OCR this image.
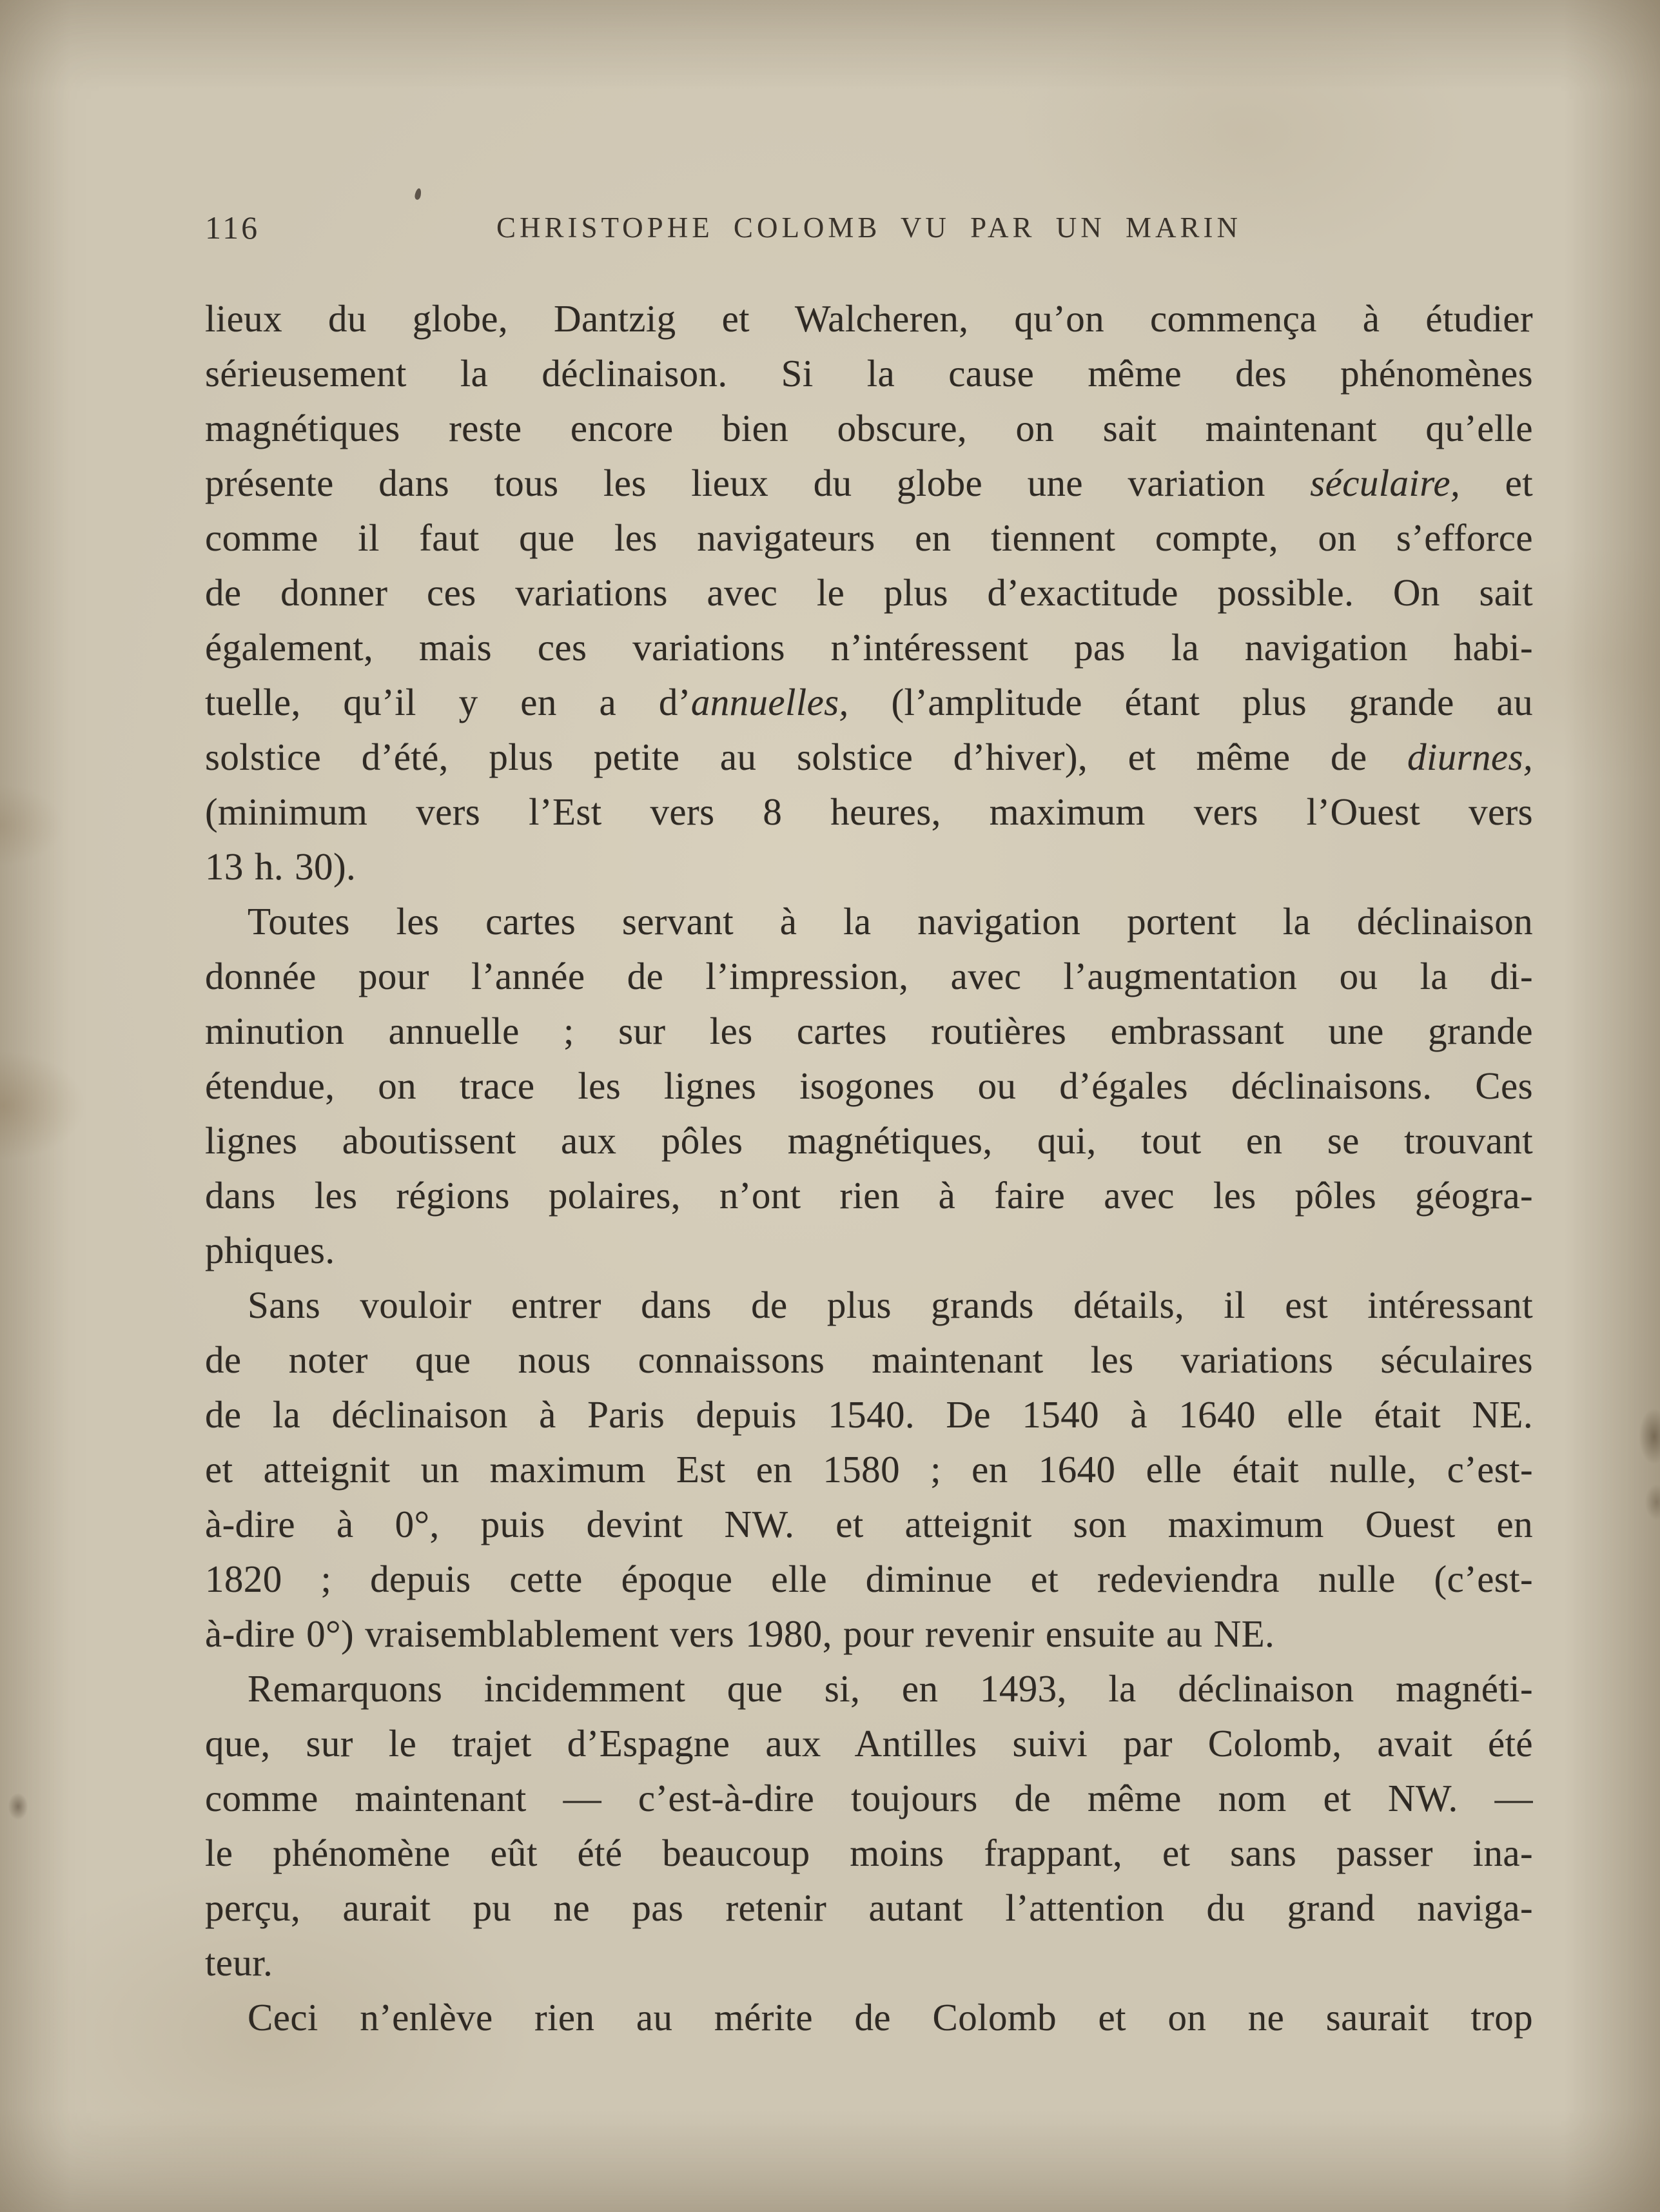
116	CHRISTOPHE COLOMB VU PAR UN MARIN
lieux du globe, Dantzig et Walcheren, qu’on commença à étudier
sérieusement la déclinaison. Si la cause même des phénomènes
magnétiques reste encore bien obscure, on sait maintenant qu’elle
présente dans tous les lieux du globe une variation séculaire, et
comme il faut que les navigateurs en tiennent compte, on s’efforce
de donner ces variations avec le plus d’exactitude possible. On sait
également, mais ces variations n’intéressent pas la navigation habi-
tuelle, qu’il y en a d’annuelles, (l’amplitude étant plus grande au
solstice d’été, plus petite au solstice d’hiver), et même de diurnes,
(minimum vers l’Est vers 8 heures, maximum vers l’Ouest vers
13 h. 30).
Toutes les cartes servant à la navigation portent la déclinaison
donnée pour l’année de l’impression, avec l’augmentation ou la di-
minution annuelle ; sur les cartes routières embrassant une grande
étendue, on trace les lignes isogones ou d’égales déclinaisons. Ces
lignes aboutissent aux pôles magnétiques, qui, tout en se trouvant
dans les régions polaires, n’ont rien à faire avec les pôles géogra-
phiques.
Sans vouloir entrer dans de plus grands détails, il est intéressant
de noter que nous connaissons maintenant les variations séculaires
de la déclinaison à Paris depuis 1540. De 1540 à 1640 elle était NE.
et atteignit un maximum Est en 1580 ; en 1640 elle était nulle, c’est-
à-dire à 0°, puis devint NW. et atteignit son maximum Ouest en
1820 ; depuis cette époque elle diminue et redeviendra nulle (c’est-
à-dire 0°) vraisemblablement vers 1980, pour revenir ensuite au NE.
Remarquons incidemment que si, en 1493, la déclinaison magnéti-
que, sur le trajet d’Espagne aux Antilles suivi par Colomb, avait été
comme maintenant — c’est-à-dire toujours de même nom et NW. —
le phénomène eût été beaucoup moins frappant, et sans passer ina-
perçu, aurait pu ne pas retenir autant l’attention du grand naviga-
teur.
Ceci n’enlève rien au mérite de Colomb et on ne saurait trop
